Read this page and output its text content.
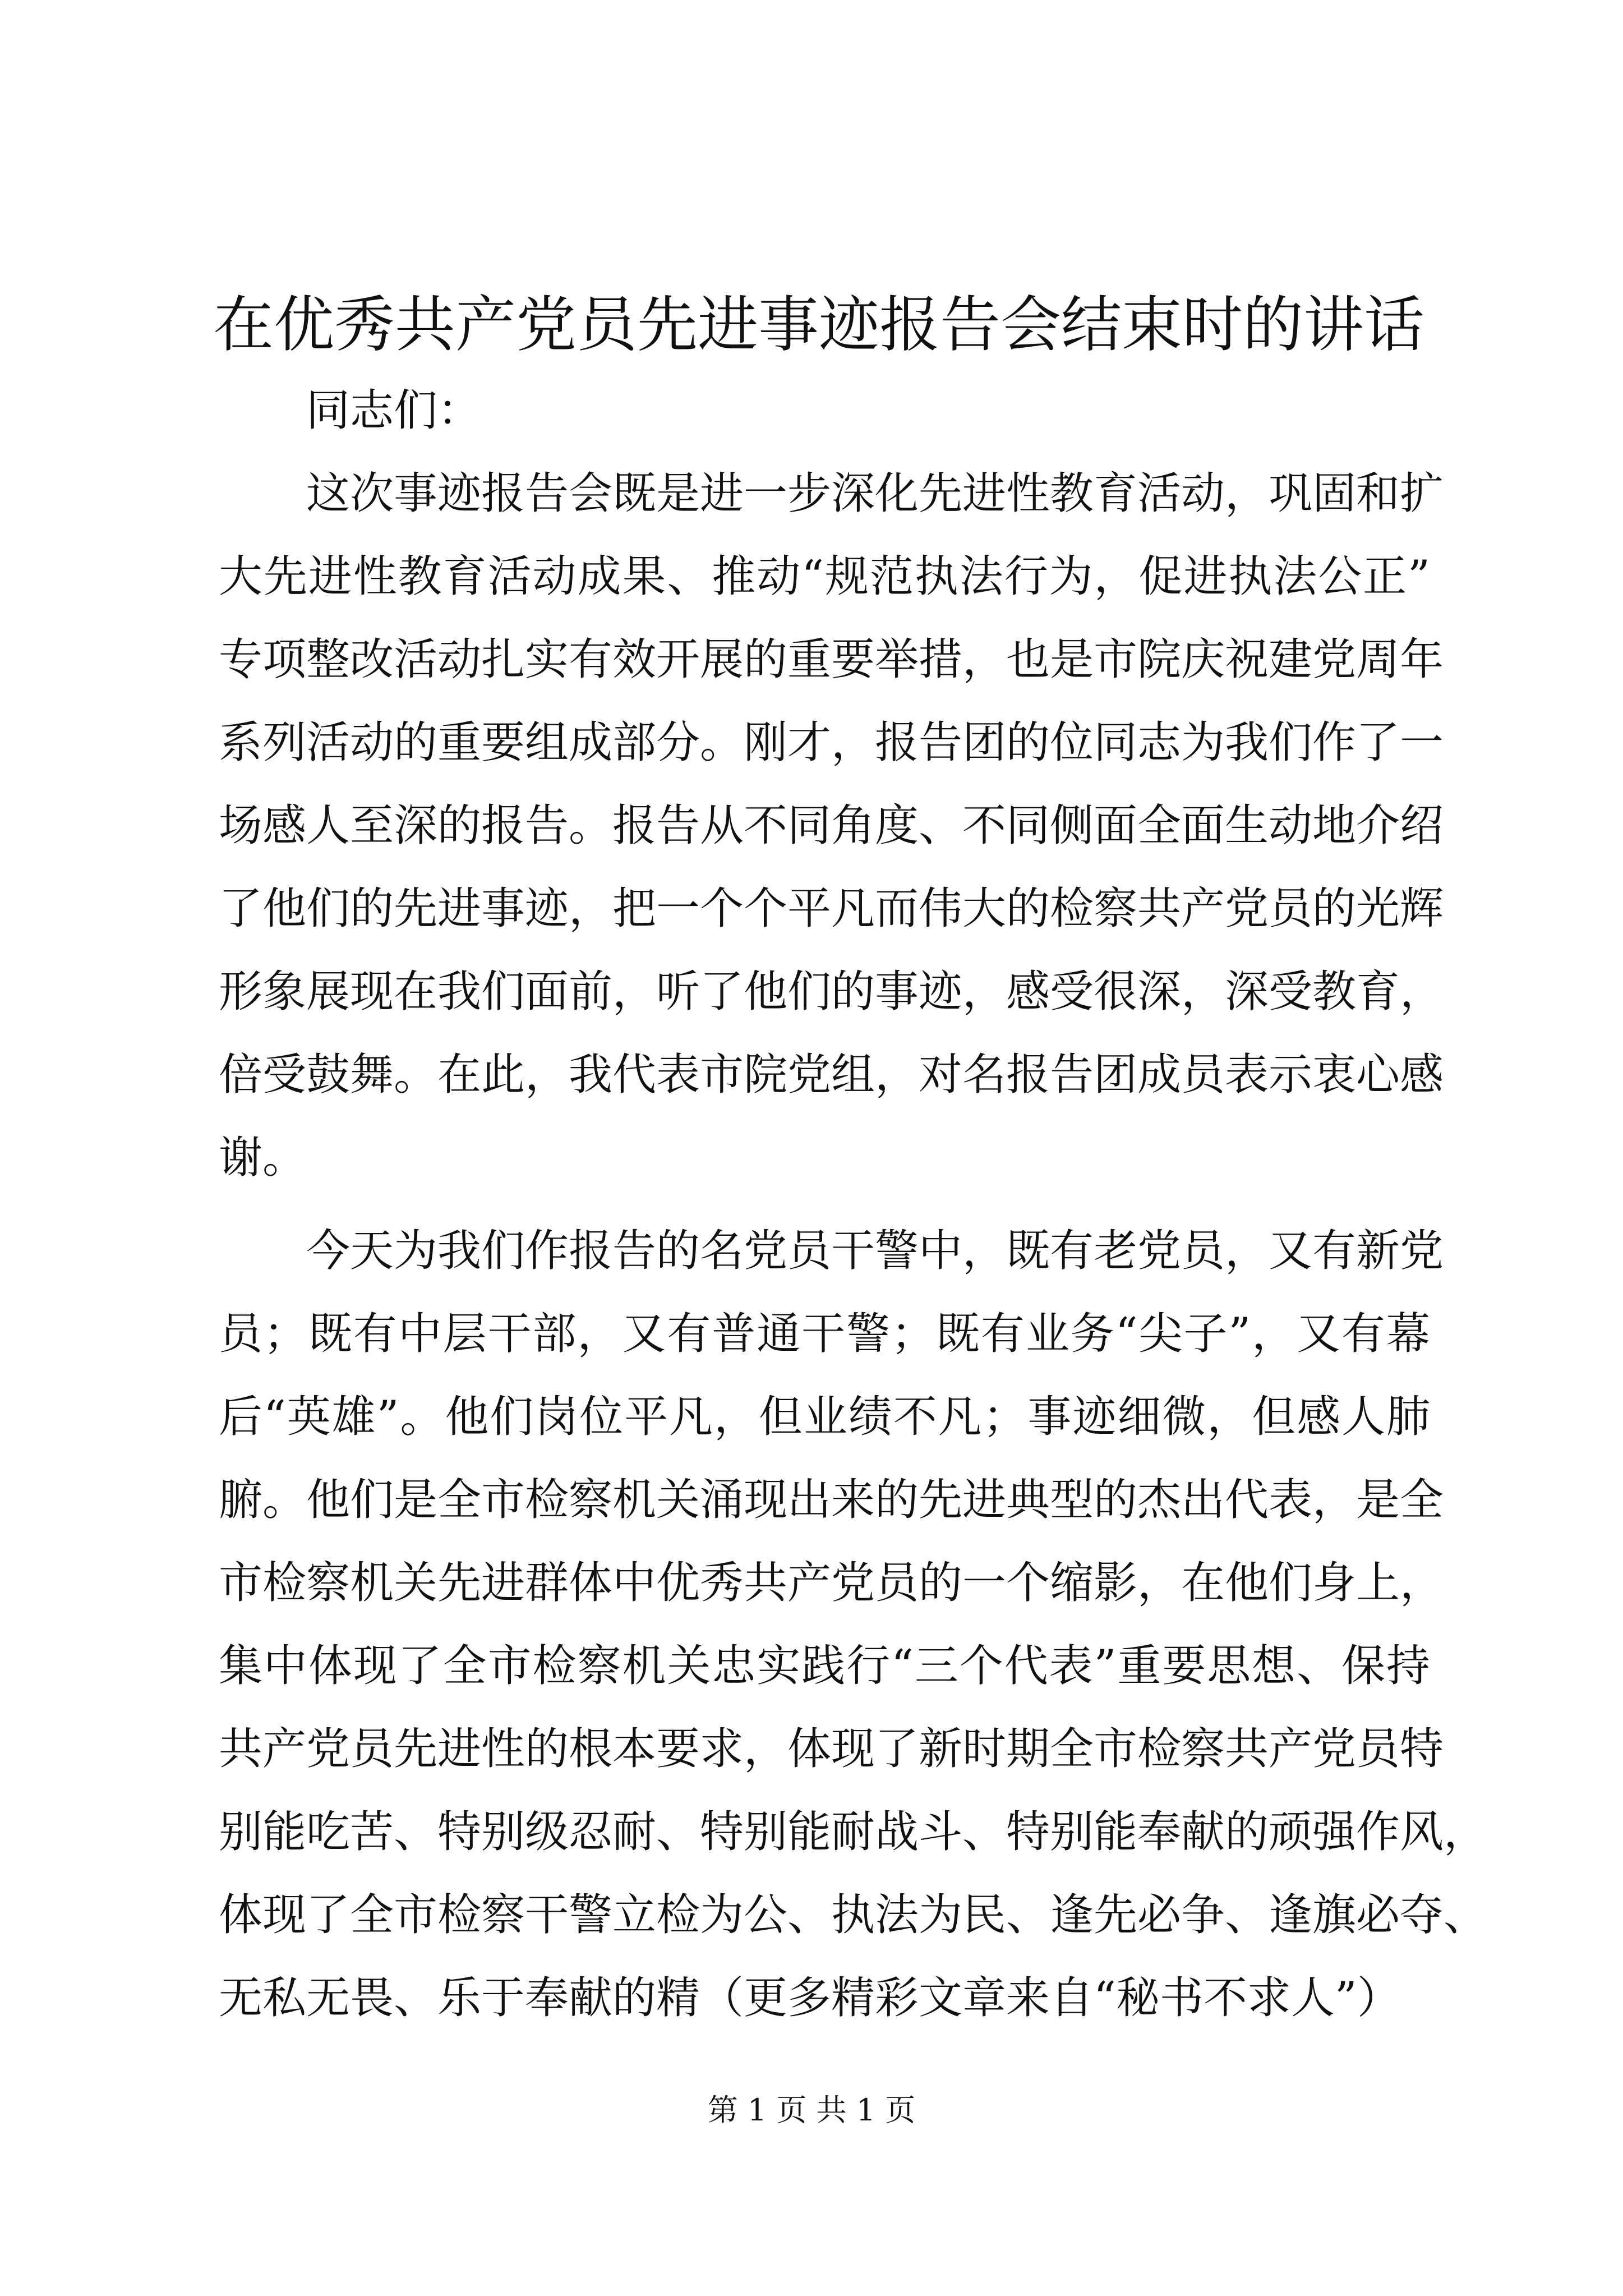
在优秀共产党员先进事迹报告会结束时的讲话
同志们：
这次事迹报告会既是进一步深化先进性教育活动，巩固和扩
大先进性教育活动成果、推动“规范执法行为，促进执法公正”
专项整改活动扎实有效开展的重要举措，也是市院庆祝建党周年
系列活动的重要组成部分。刚才，报告团的位同志为我们作了一
场感人至深的报告。报告从不同角度、不同侧面全面生动地介绍
了他们的先进事迹，把一个个平凡而伟大的检察共产党员的光辉
形象展现在我们面前，听了他们的事迹，感受很深，深受教育，
倍受鼓舞。在此，我代表市院党组，对名报告团成员表示衷心感
谢。
今天为我们作报告的名党员干警中，既有老党员，又有新党
员；既有中层干部，又有普通干警；既有业务“尖子”，又有幕
后“英雄”。他们岗位平凡，但业绩不凡；事迹细微，但感人肺
腑。他们是全市检察机关涌现出来的先进典型的杰出代表，是全
市检察机关先进群体中优秀共产党员的一个缩影，在他们身上，
集中体现了全市检察机关忠实践行“三个代表”重要思想、保持
共产党员先进性的根本要求，体现了新时期全市检察共产党员特
别能吃苦、特别级忍耐、特别能耐战斗、特别能奉献的顽强作风，
体现了全市检察干警立检为公、执法为民、逢先必争、逢旗必夺、
无私无畏、乐于奉献的精（更多精彩文章来自“秘书不求人”）
第 1 页 共 1 页
